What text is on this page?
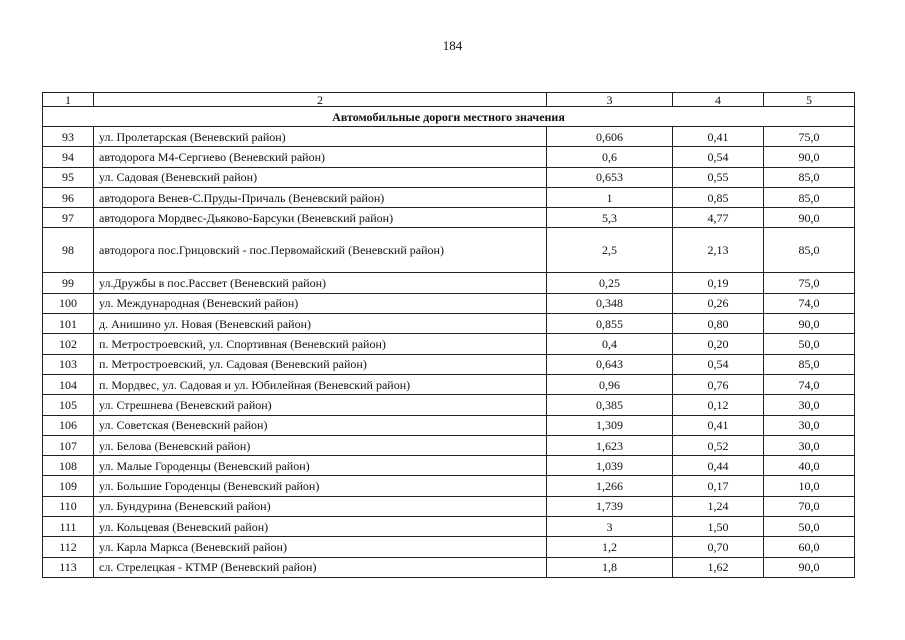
184
1	2	3	4	5
Автомобильные дороги местного значения				
93	ул. Пролетарская (Веневский район)	0,606	0,41	75,0
94	автодорога М4-Сергиево (Веневский район)	0,6	0,54	90,0
95	ул. Садовая (Веневский район)	0,653	0,55	85,0
96	автодорога Венев-С.Пруды-Причаль (Веневский район)	1	0,85	85,0
97	автодорога Мордвес-Дьяково-Барсуки (Веневский район)	5,3	4,77	90,0
98	автодорога пос.Грицовский - пос.Первомайский (Веневский район)	2,5	2,13	85,0
99	ул.Дружбы в пос.Рассвет (Веневский район)	0,25	0,19	75,0
100	ул. Международная (Веневский район)	0,348	0,26	74,0
101	д. Анишино ул. Новая (Веневский район)	0,855	0,80	90,0
102	п. Метростроевский, ул. Спортивная (Веневский район)	0,4	0,20	50,0
103	п. Метростроевский, ул. Садовая (Веневский район)	0,643	0,54	85,0
104	п. Мордвес, ул. Садовая и ул. Юбилейная (Веневский район)	0,96	0,76	74,0
105	ул. Стрешнева (Веневский район)	0,385	0,12	30,0
106	ул. Советская (Веневский район)	1,309	0,41	30,0
107	ул. Белова (Веневский район)	1,623	0,52	30,0
108	ул. Малые Городенцы (Веневский район)	1,039	0,44	40,0
109	ул. Большие Городенцы (Веневский район)	1,266	0,17	10,0
110	ул. Бундурина (Веневский район)	1,739	1,24	70,0
111	ул. Кольцевая (Веневский район)	3	1,50	50,0
112	ул. Карла Маркса (Веневский район)	1,2	0,70	60,0
113	сл. Стрелецкая - КТМР (Веневский район)	1,8	1,62	90,0
